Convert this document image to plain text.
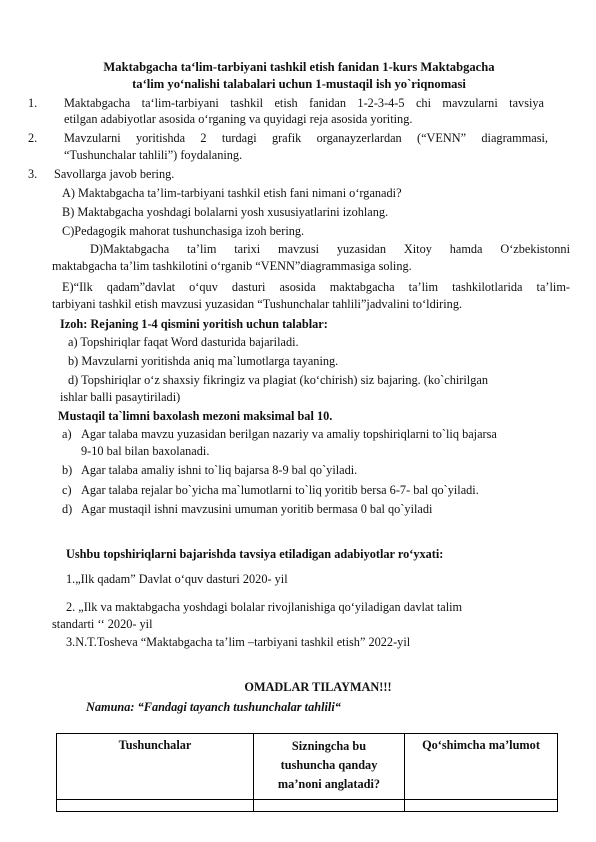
Maktabgacha ta‘lim-tarbiyani tashkil etish fanidan 1-kurs Maktabgacha
ta‘lim yo‘nalishi talabalari uchun 1-mustaqil ish yo`riqnomasi
1. Maktabgacha ta‘lim-tarbiyani tashkil etish fanidan 1-2-3-4-5 chi mavzularni tavsiya
etilgan adabiyotlar asosida o‘rganing va quyidagi reja asosida yoriting.
2. Mavzularni yoritishda 2 turdagi grafik organayzerlardan (“VENN” diagrammasi,
“Tushunchalar tahlili”) foydalaning.
3. Savollarga javob bering.
A) Maktabgacha ta’lim-tarbiyani tashkil etish fani nimani o‘rganadi?
B) Maktabgacha yoshdagi bolalarni yosh xususiyatlarini izohlang.
C)Pedagogik mahorat tushunchasiga izoh bering.
D)Maktabgacha ta’lim tarixi mavzusi yuzasidan Xitoy hamda O‘zbekistonni
maktabgacha ta’lim tashkilotini o‘rganib “VENN”diagrammasiga soling.
E)“Ilk qadam”davlat o‘quv dasturi asosida maktabgacha ta’lim tashkilotlarida ta’lim-
tarbiyani tashkil etish mavzusi yuzasidan “Tushunchalar tahlili”jadvalini to‘ldiring.
Izoh: Rejaning 1-4 qismini yoritish uchun talablar:
a) Topshiriqlar faqat Word dasturida bajariladi.
b) Mavzularni yoritishda aniq ma`lumotlarga tayaning.
d) Topshiriqlar o‘z shaxsiy fikringiz va plagiat (ko‘chirish) siz bajaring. (ko`chirilgan
ishlar balli pasaytiriladi)
Mustaqil ta`limni baxolash mezoni maksimal bal 10.
a) Agar talaba mavzu yuzasidan berilgan nazariy va amaliy topshiriqlarni to`liq bajarsa
9-10 bal bilan baxolanadi.
b) Agar talaba amaliy ishni to`liq bajarsa 8-9 bal qo`yiladi.
c) Agar talaba rejalar bo`yicha ma`lumotlarni to`liq yoritib bersa 6-7- bal qo`yiladi.
d) Agar mustaqil ishni mavzusini umuman yoritib bermasa 0 bal qo`yiladi
Ushbu topshiriqlarni bajarishda tavsiya etiladigan adabiyotlar ro‘yxati:
1.„Ilk qadam” Davlat o‘quv dasturi 2020- yil
2. „Ilk va maktabgacha yoshdagi bolalar rivojlanishiga qo‘yiladigan davlat talim
standarti ‘‘ 2020- yil
3.N.T.Tosheva “Maktabgacha ta’lim –tarbiyani tashkil etish” 2022-yil
OMADLAR TILAYMAN!!!
Namuna: “Fandagi tayanch tushunchalar tahlili“
Tushunchalar	Sizningcha bu
tushuncha qanday
ma’noni anglatadi?	Qo‘shimcha ma’lumot
